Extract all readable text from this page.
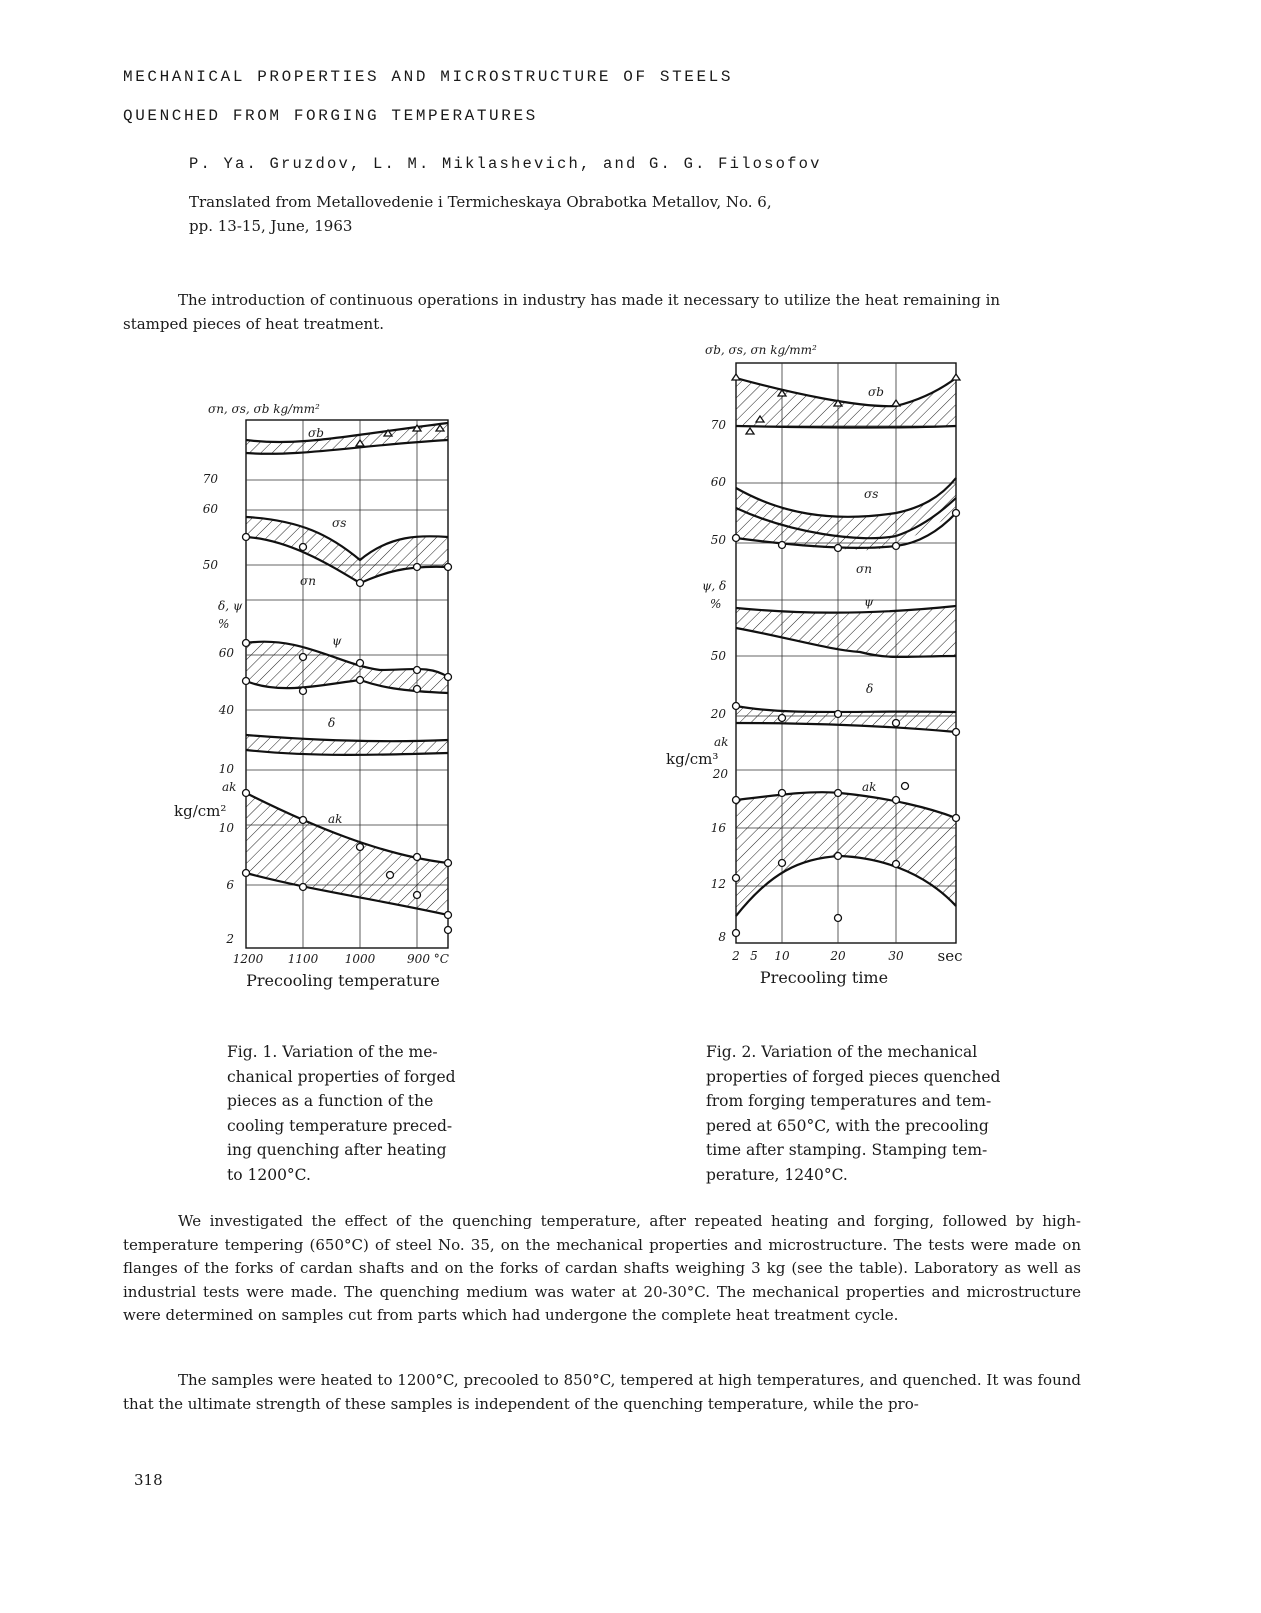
MECHANICAL PROPERTIES AND MICROSTRUCTURE OF STEELS
QUENCHED FROM FORGING TEMPERATURES
P. Ya. Gruzdov, L. M. Miklashevich, and G. G. Filosofov
Translated from Metallovedenie i Termicheskaya Obrabotka Metallov, No. 6,
pp. 13-15, June, 1963
The introduction of continuous operations in industry has made it necessary to utilize the heat remaining in
stamped pieces of heat treatment.
σn, σs, σb kg/mm²
σb
σs
σn
ψ
δ
ak
70
60
50
δ, ψ
%
60
40
10
ak
kg/cm²
10
6
2
1200 1100 1000	900 °C
Precooling temperature
σb, σs, σn kg/mm²
σb
σs
σn
ψ
δ
ak
70
60
50
ψ, δ
%
50
20
ak
kg/cm³
20
16
12
8
2 5 10	20	30 sec
Precooling time
Fig. 1. Variation of the me-
chanical properties of forged
pieces as a function of the
cooling temperature preced-
ing quenching after heating
to 1200°C.
Fig. 2. Variation of the mechanical
properties of forged pieces quenched
from forging temperatures and tem-
pered at 650°C, with the precooling
time after stamping. Stamping tem-
perature, 1240°C.

We investigated the effect of the quenching temperature, after repeated heating and forging, followed by high-temperature tempering (650°C) of steel No. 35, on the mechanical properties and microstructure. The tests were made on flanges of the forks of cardan shafts and on the forks of cardan shafts weighing 3 kg (see the table). Laboratory as well as industrial tests were made. The quenching medium was water at 20-30°C. The mechanical properties and microstructure were determined on samples cut from parts which had undergone the complete heat treatment cycle.

The samples were heated to 1200°C, precooled to 850°C, tempered at high temperatures, and quenched. It was found that the ultimate strength of these samples is independent of the quenching temperature, while the pro-

318
